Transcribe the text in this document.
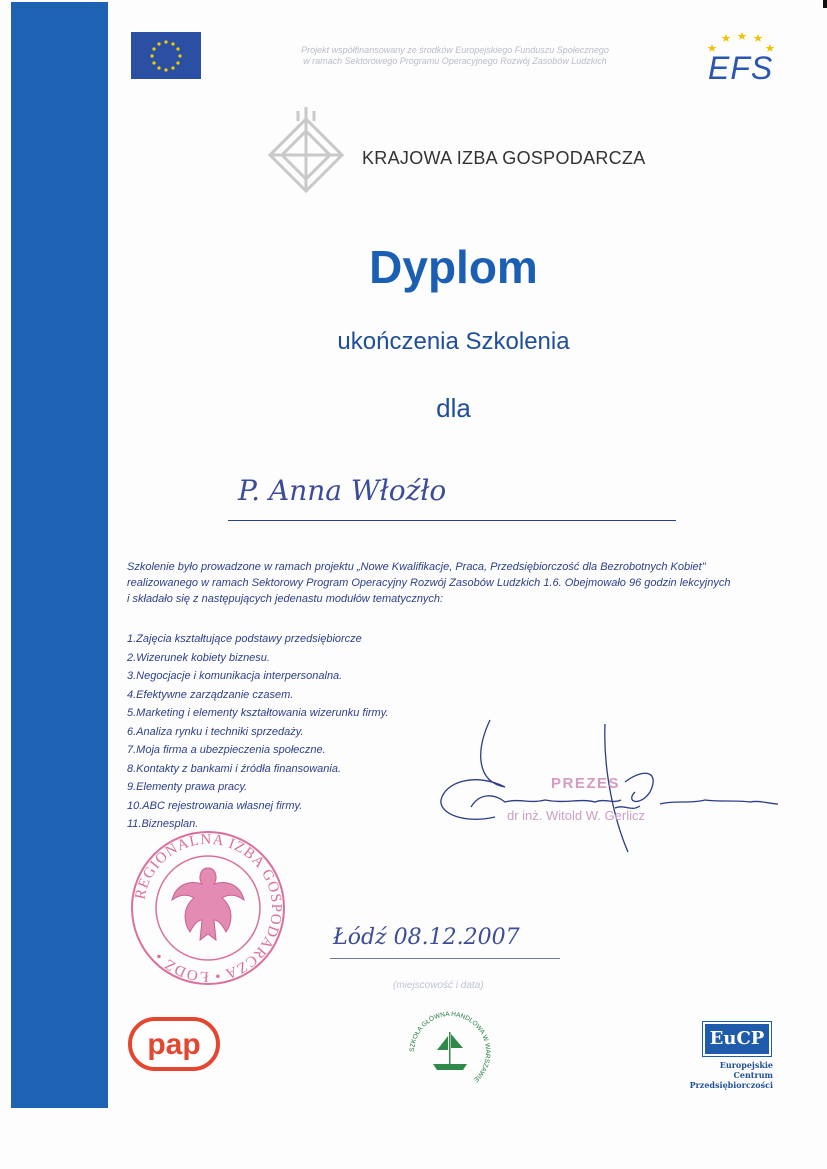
Projekt współfinansowany ze środków Europejskiego Funduszu Społecznego
w ramach Sektorowego Programu Operacyjnego Rozwój Zasobów Ludzkich	EFS
KRAJOWA IZBA GOSPODARCZA
Dyplom
ukończenia Szkolenia
dla
P. Anna Włoźło
Szkolenie było prowadzone w ramach projektu „Nowe Kwalifikacje, Praca, Przedsiębiorczość dla Bezrobotnych Kobiet"
realizowanego w ramach Sektorowy Program Operacyjny Rozwój Zasobów Ludzkich 1.6. Obejmowało 96 godzin lekcyjnych
i składało się z następujących jedenastu modułów tematycznych:
1.Zajęcia kształtujące podstawy przedsiębiorcze
2.Wizerunek kobiety biznesu.
3.Negocjacje i komunikacja interpersonalna.
4.Efektywne zarządzanie czasem.
5.Marketing i elementy kształtowania wizerunku firmy.
6.Analiza rynku i techniki sprzedaży.
7.Moja firma a ubezpieczenia społeczne.
8.Kontakty z bankami i źródła finansowania.
9.Elementy prawa pracy.
10.ABC rejestrowania własnej firmy.
11.Biznesplan.
PREZES
dr inż. Witold W. Gerlicz
REGIONALNA IZBA GOSPODARCZA • ŁÓDŹ •
Łódź 08.12.2007
(miejscowość i data)
pap	SZKOŁA GŁÓWNA HANDLOWA W WARSZAWIE
EuCP
Europejskie
Centrum
Przedsiębiorczości
